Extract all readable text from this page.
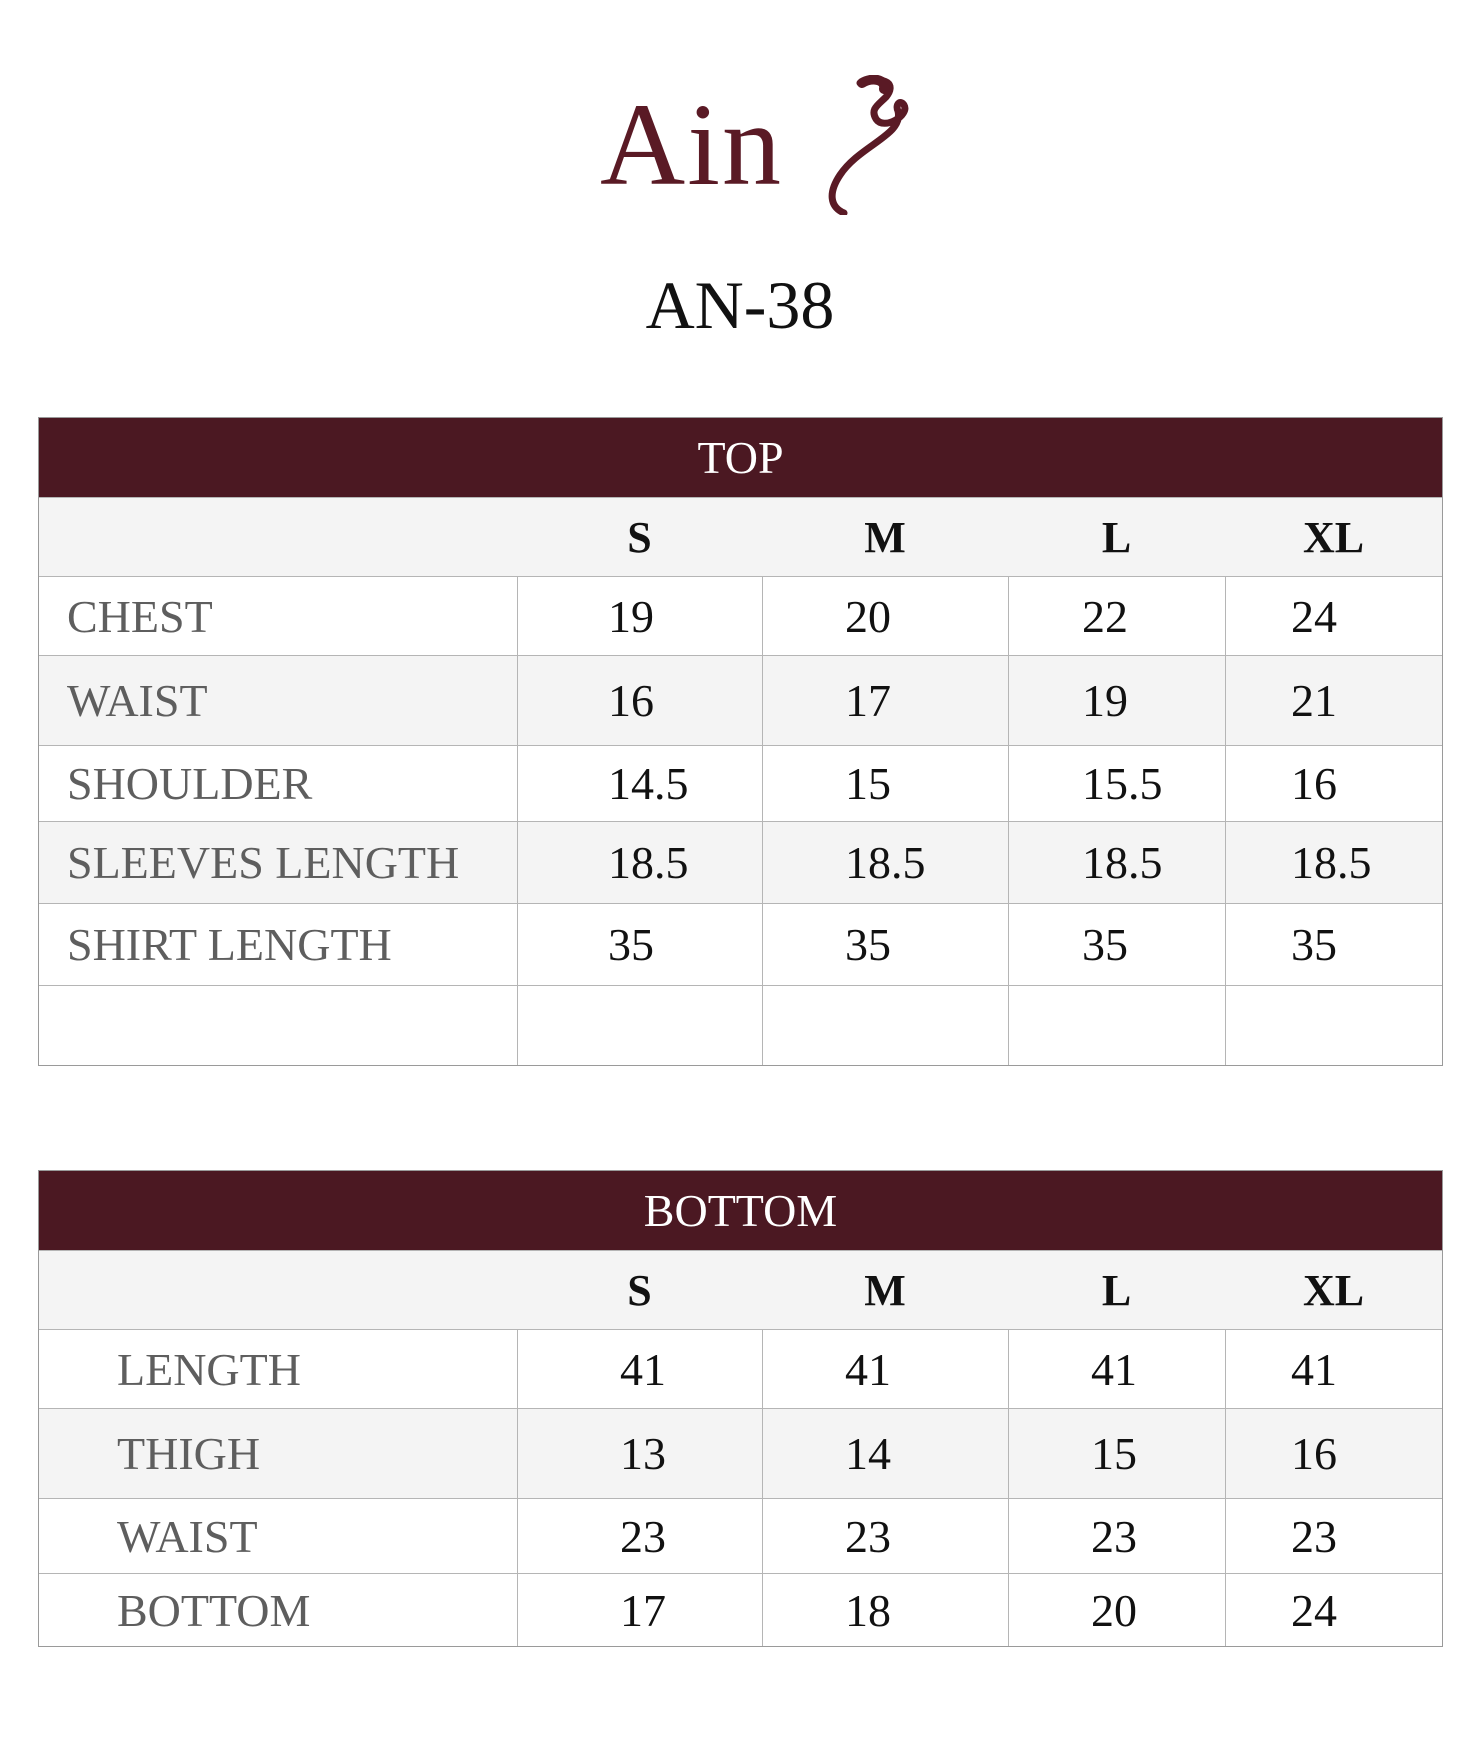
Ain
AN-38
TOP
S	M	L	XL
CHEST	19	20	22	24
WAIST	16	17	19	21
SHOULDER	14.5	15	15.5	16
SLEEVES LENGTH	18.5	18.5	18.5	18.5
SHIRT LENGTH	35	35	35	35
BOTTOM
S	M	L	XL
LENGTH	41	41	41	41
THIGH	13	14	15	16
WAIST	23	23	23	23
BOTTOM	17	18	20	24
